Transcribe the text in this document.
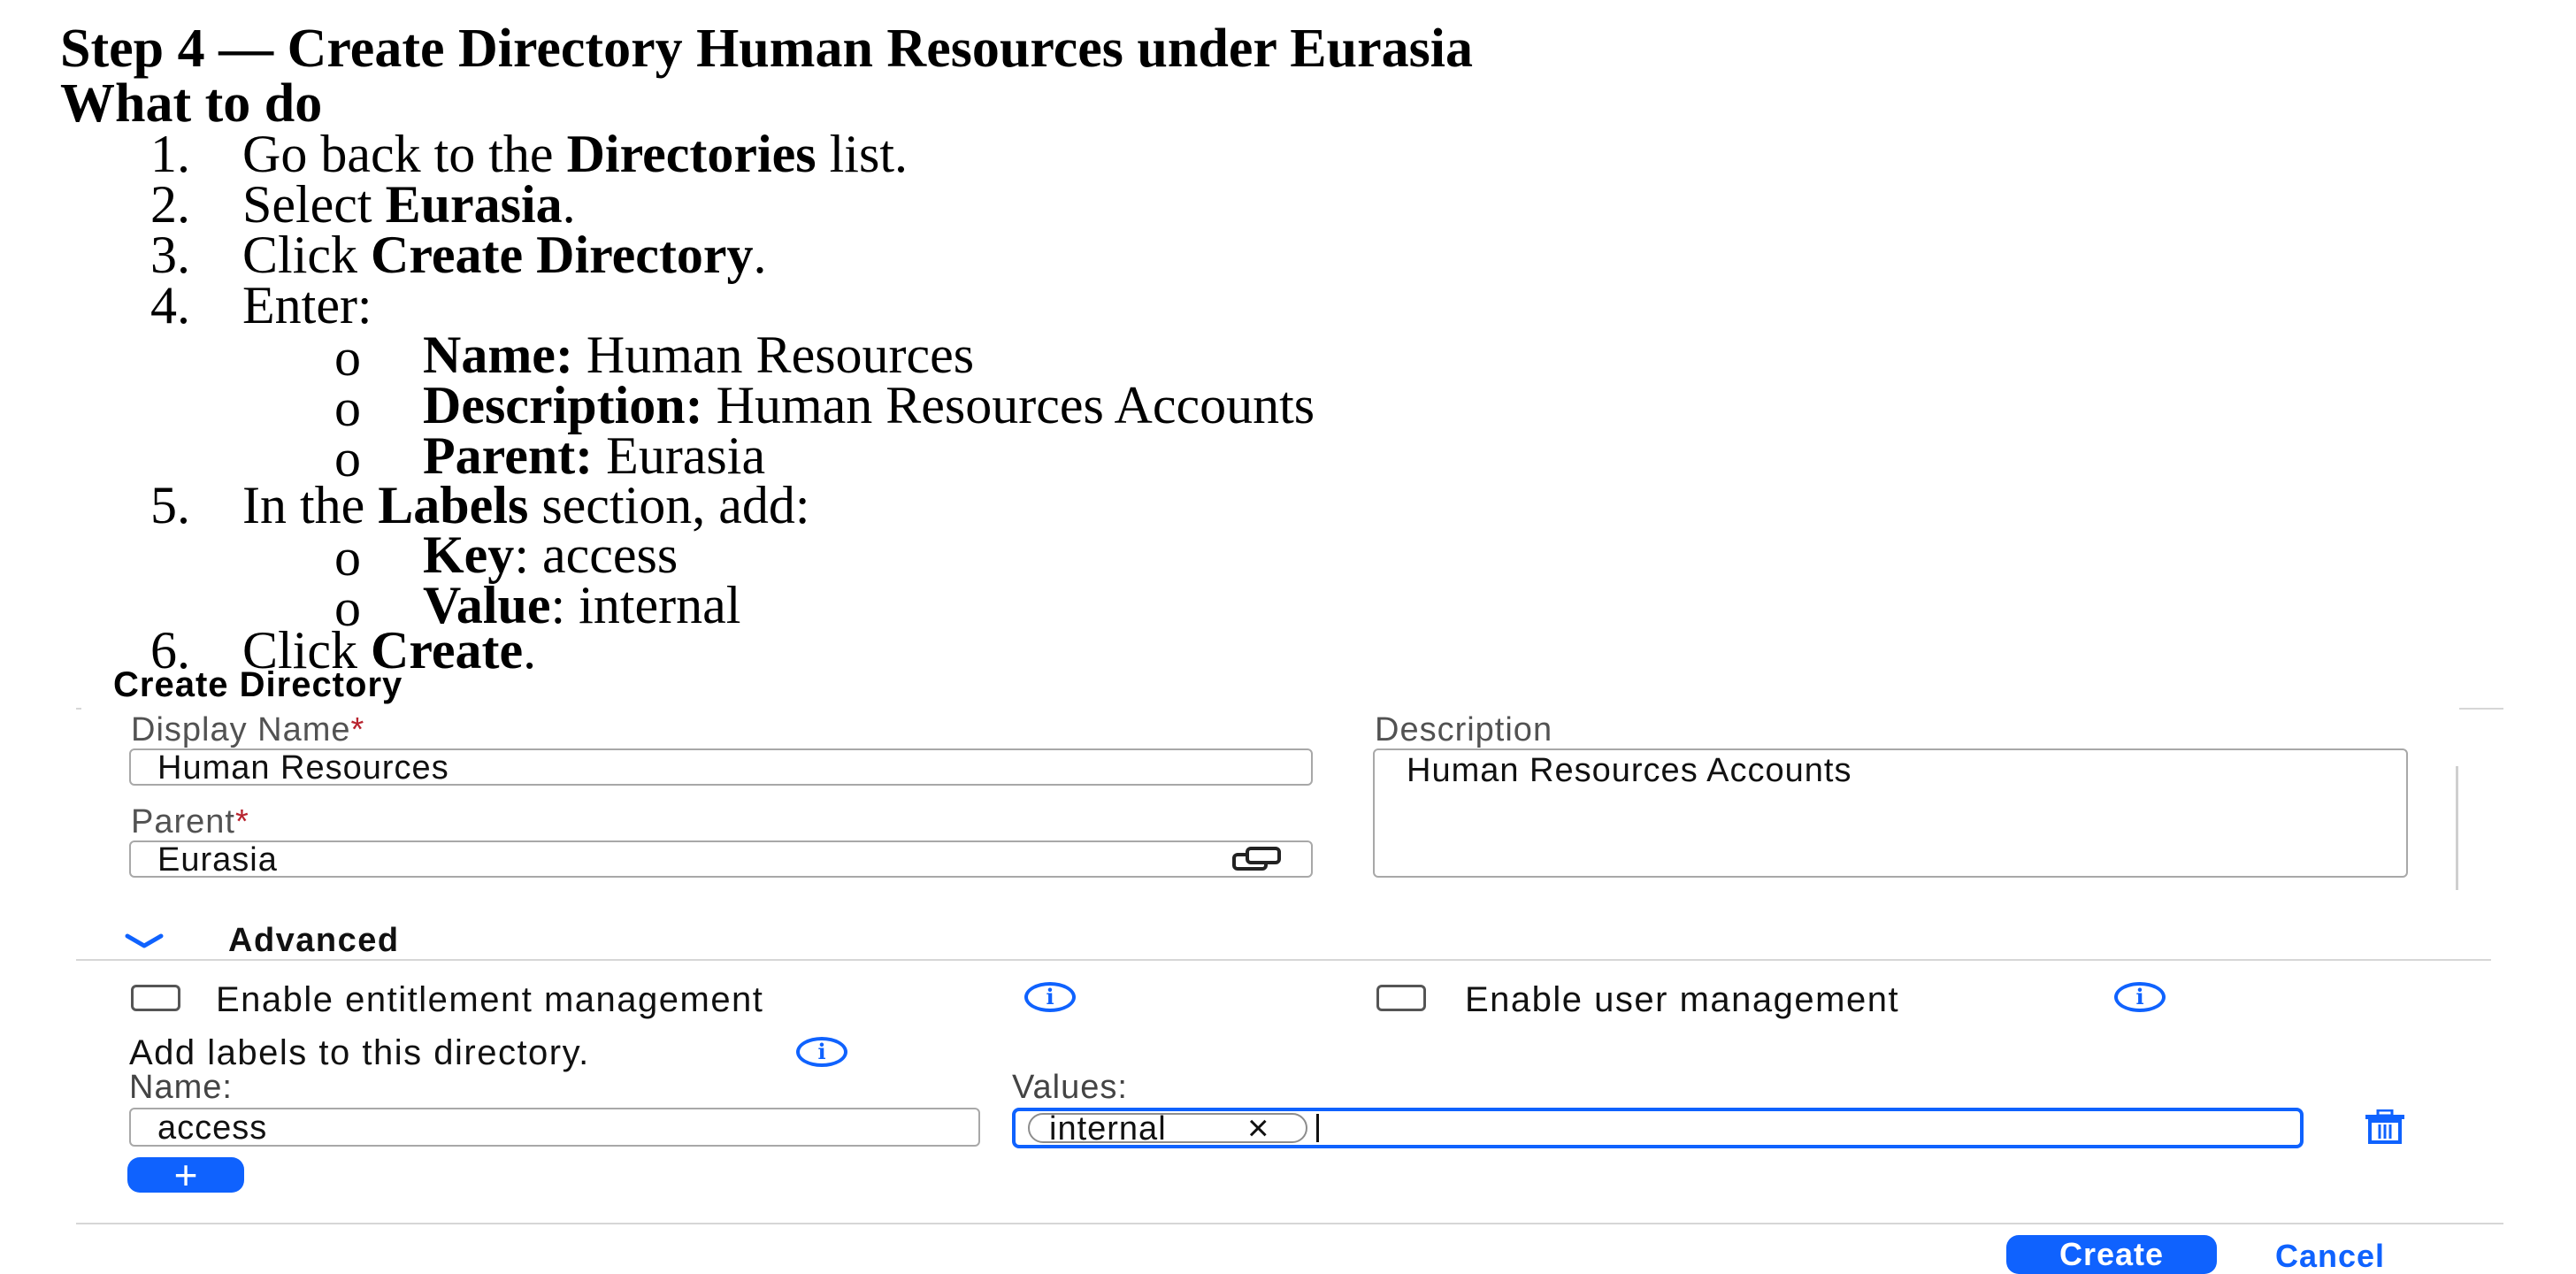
Step 4 — Create Directory Human Resources under Eurasia
What to do
1. Go back to the Directories list.
2. Select Eurasia.
3. Click Create Directory.
4. Enter:
o Name: Human Resources
o Description: Human Resources Accounts
o Parent: Eurasia
5. In the Labels section, add:
o Key: access
o Value: internal
6. Click Create.
Create Directory
Display Name*
Human Resources
Parent*
Eurasia
Description
Human Resources Accounts
Advanced
Enable entitlement management	i	Enable user management	i
Add labels to this directory.	i
Name:	Values:
access	internal ×
+
Create	Cancel
